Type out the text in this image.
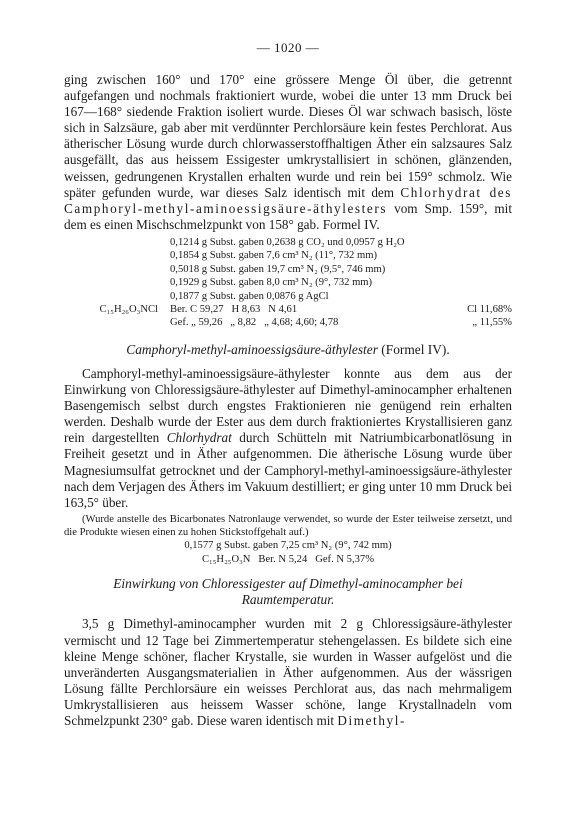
— 1020 —

ging zwischen 160° und 170° eine grössere Menge Öl über, die getrennt aufgefangen und nochmals fraktioniert wurde, wobei die unter 13 mm Druck bei 167—168° siedende Fraktion isoliert wurde. Dieses Öl war schwach basisch, löste sich in Salzsäure, gab aber mit verdünnter Perchlorsäure kein festes Perchlorat. Aus ätherischer Lösung wurde durch chlorwasserstoffhaltigen Äther ein salzsaures Salz ausgefällt, das aus heissem Essigester umkrystallisiert in schönen, glänzenden, weissen, gedrungenen Krystallen erhalten wurde und rein bei 159° schmolz. Wie später gefunden wurde, war dieses Salz identisch mit dem Chlorhydrat des Camphoryl-methyl-aminoessigsäure-äthylesters vom Smp. 159°, mit dem es einen Mischschmelzpunkt von 158° gab. Formel IV.

0,1214 g Subst. gaben 0,2638 g CO₂ und 0,0957 g H₂O
0,1854 g Subst. gaben 7,6 cm³ N₂ (11°, 732 mm)
0,5018 g Subst. gaben 19,7 cm³ N₂ (9,5°, 746 mm)
0,1929 g Subst. gaben 8,0 cm³ N₂ (9°, 732 mm)
0,1877 g Subst. gaben 0,0876 g AgCl
C₁₅H₂₆O₃NCl	Ber. C 59,27   H 8,63   N 4,61	Cl 11,68%
Gef. „ 59,26   „ 8,82   „ 4,68; 4,60; 4,78	„ 11,55%

Camphoryl-methyl-aminoessigsäure-äthylester (Formel IV).

Camphoryl-methyl-aminoessigsäure-äthylester konnte aus dem aus der Einwirkung von Chloressigsäure-äthylester auf Dimethyl-aminocampher erhaltenen Basengemisch selbst durch engstes Fraktionieren nie genügend rein erhalten werden. Deshalb wurde der Ester aus dem durch fraktioniertes Krystallisieren ganz rein dargestellten Chlorhydrat durch Schütteln mit Natriumbicarbonatlösung in Freiheit gesetzt und in Äther aufgenommen. Die ätherische Lösung wurde über Magnesiumsulfat getrocknet und der Camphoryl-methyl-aminoessigsäure-äthylester nach dem Verjagen des Äthers im Vakuum destilliert; er ging unter 10 mm Druck bei 163,5° über.

(Wurde anstelle des Bicarbonates Natronlauge verwendet, so wurde der Ester teilweise zersetzt, und die Produkte wiesen einen zu hohen Stickstoffgehalt auf.)

0,1577 g Subst. gaben 7,25 cm³ N₂ (9°, 742 mm)
C₁₅H₂₅O₃N   Ber. N 5,24   Gef. N 5,37%

Einwirkung von Chloressigester auf Dimethyl-aminocampher bei Raumtemperatur.

3,5 g Dimethyl-aminocampher wurden mit 2 g Chloressigsäure-äthylester vermischt und 12 Tage bei Zimmertemperatur stehengelassen. Es bildete sich eine kleine Menge schöner, flacher Krystalle, sie wurden in Wasser aufgelöst und die unveränderten Ausgangsmaterialien in Äther aufgenommen. Aus der wässrigen Lösung fällte Perchlorsäure ein weisses Perchlorat aus, das nach mehrmaligem Umkrystallisieren aus heissem Wasser schöne, lange Krystallnadeln vom Schmelzpunkt 230° gab. Diese waren identisch mit Dimethyl-
